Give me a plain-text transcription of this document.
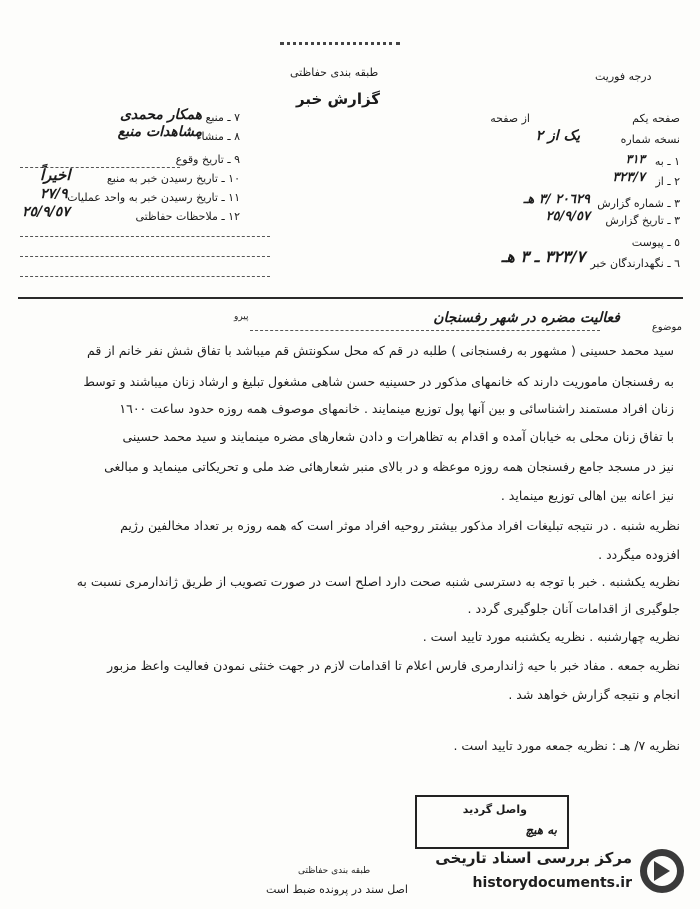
طبقه بندی حفاظتی
گزارش خبر
درجه فوریت
٧ ـ منبع
همکار محمدی
٨ ـ منشاء
مشاهدات منبع
٩ ـ تاریخ وقوع
١٠ ـ تاریخ رسیدن خبر به منبع
اخیراً
١١ ـ تاریخ رسیدن خبر به واحد عملیات
٢٧/٩
١٢ ـ ملاحظات حفاظتی
٢٥/٩/٥٧
صفحه یکم
از صفحه
نسخه شماره
یک از ۲
١ ـ به
٣١٣
٢ ـ از
٣٢٣/٧
٣ ـ شماره گزارش
٢٠٦٢٩ /٣ هـ
٣ ـ تاریخ گزارش
٢٥/٩/٥٧
٥ ـ پیوست
٦ ـ نگهدارندگان خبر
٣٢٣/٧ ـ ٣ هـ
موضوع
فعالیت مضره در شهر رفسنجان
پیرو
سید محمد حسینی ( مشهور به رفسنجانی ) طلبه در قم که محل سکونتش قم میباشد با تفاق شش نفر خانم از قم
به رفسنجان ماموریت دارند که خانمهای مذکور در حسینیه حسن شاهی مشغول تبلیغ و ارشاد زنان میباشند و توسط
زنان افراد مستمند راشناسائی و بین آنها پول توزیع مینمایند . خانمهای موصوف همه روزه حدود ساعت ١٦٠٠
با تفاق زنان محلی به خیابان آمده و اقدام به تظاهرات و دادن شعارهای مضره مینمایند و سید محمد حسینی
نیز در مسجد جامع رفسنجان همه روزه موعظه و در بالای منبر شعارهائی ضد ملی و تحریکاتی مینماید و مبالغی
نیز اعانه بین اهالی توزیع مینماید .
نظریه شنبه . در نتیجه تبلیغات افراد مذکور بیشتر روحیه افراد موثر است که همه روزه بر تعداد مخالفین رژیم
افزوده میگردد .
نظریه یکشنبه . خبر با توجه به دسترسی شنبه صحت دارد اصلح است در صورت تصویب از طریق ژاندارمری نسبت به
جلوگیری از اقدامات آنان جلوگیری گردد .
نظریه چهارشنبه . نظریه یکشنبه مورد تایید است .
نظریه جمعه . مفاد خبر با حیه ژاندارمری فارس اعلام تا اقدامات لازم در جهت خنثی نمودن فعالیت واعظ مزبور
انجام و نتیجه گزارش خواهد شد .
نظریه ٧/ هـ : نظریه جمعه مورد تایید است .
واصل گردید
به هیچ
طبقه بندی حفاظتی
اصل سند در پرونده ضبط است
مرکز بررسی اسناد تاریخی
historydocuments.ir
